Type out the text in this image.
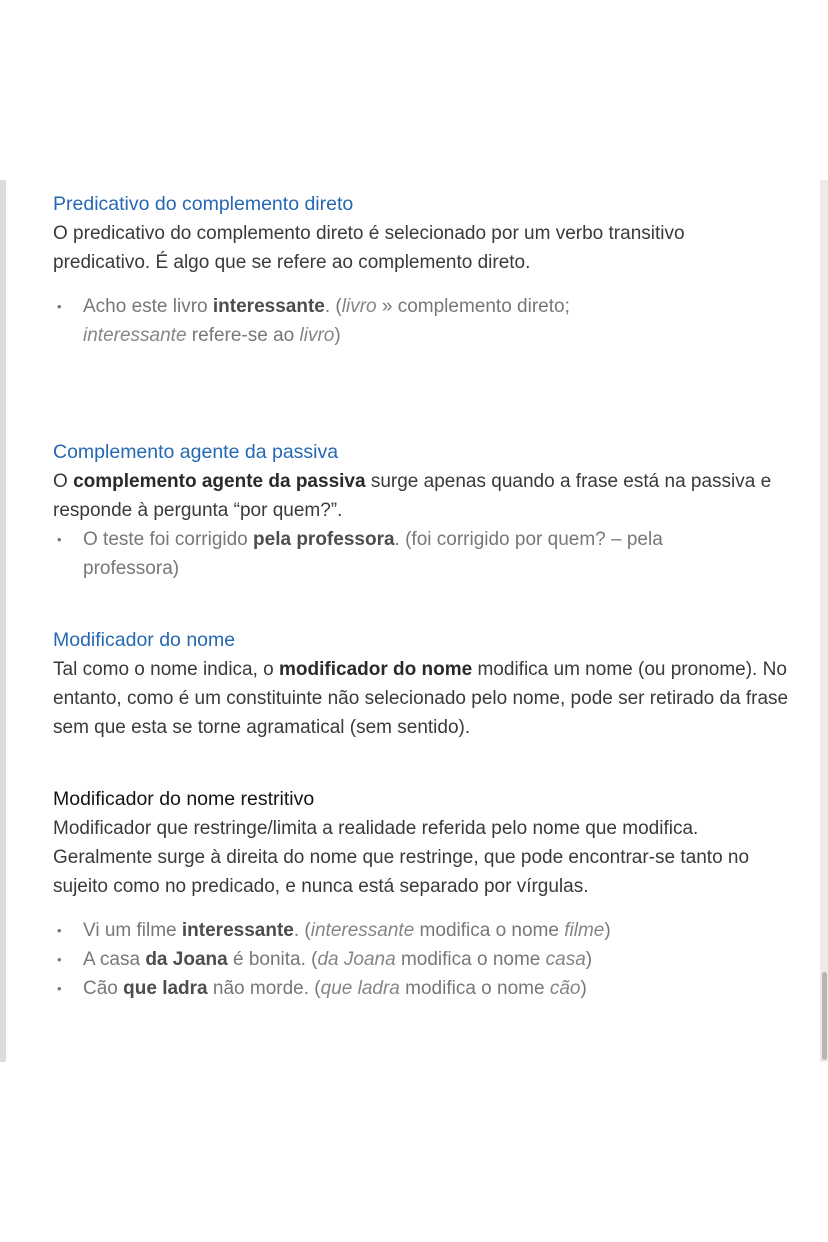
Predicativo do complemento direto

O predicativo do complemento direto é selecionado por um verbo transitivo predicativo. É algo que se refere ao complemento direto.

• Acho este livro interessante. (livro » complemento direto; interessante refere-se ao livro)
Complemento agente da passiva

O complemento agente da passiva surge apenas quando a frase está na passiva e responde à pergunta “por quem?”.

• O teste foi corrigido pela professora. (foi corrigido por quem? – pela professora)
Modificador do nome

Tal como o nome indica, o modificador do nome modifica um nome (ou pronome). No entanto, como é um constituinte não selecionado pelo nome, pode ser retirado da frase sem que esta se torne agramatical (sem sentido).

Modificador do nome restritivo

Modificador que restringe/limita a realidade referida pelo nome que modifica. Geralmente surge à direita do nome que restringe, que pode encontrar-se tanto no sujeito como no predicado, e nunca está separado por vírgulas.

• Vi um filme interessante. (interessante modifica o nome filme)
• A casa da Joana é bonita. (da Joana modifica o nome casa)
• Cão que ladra não morde. (que ladra modifica o nome cão)
